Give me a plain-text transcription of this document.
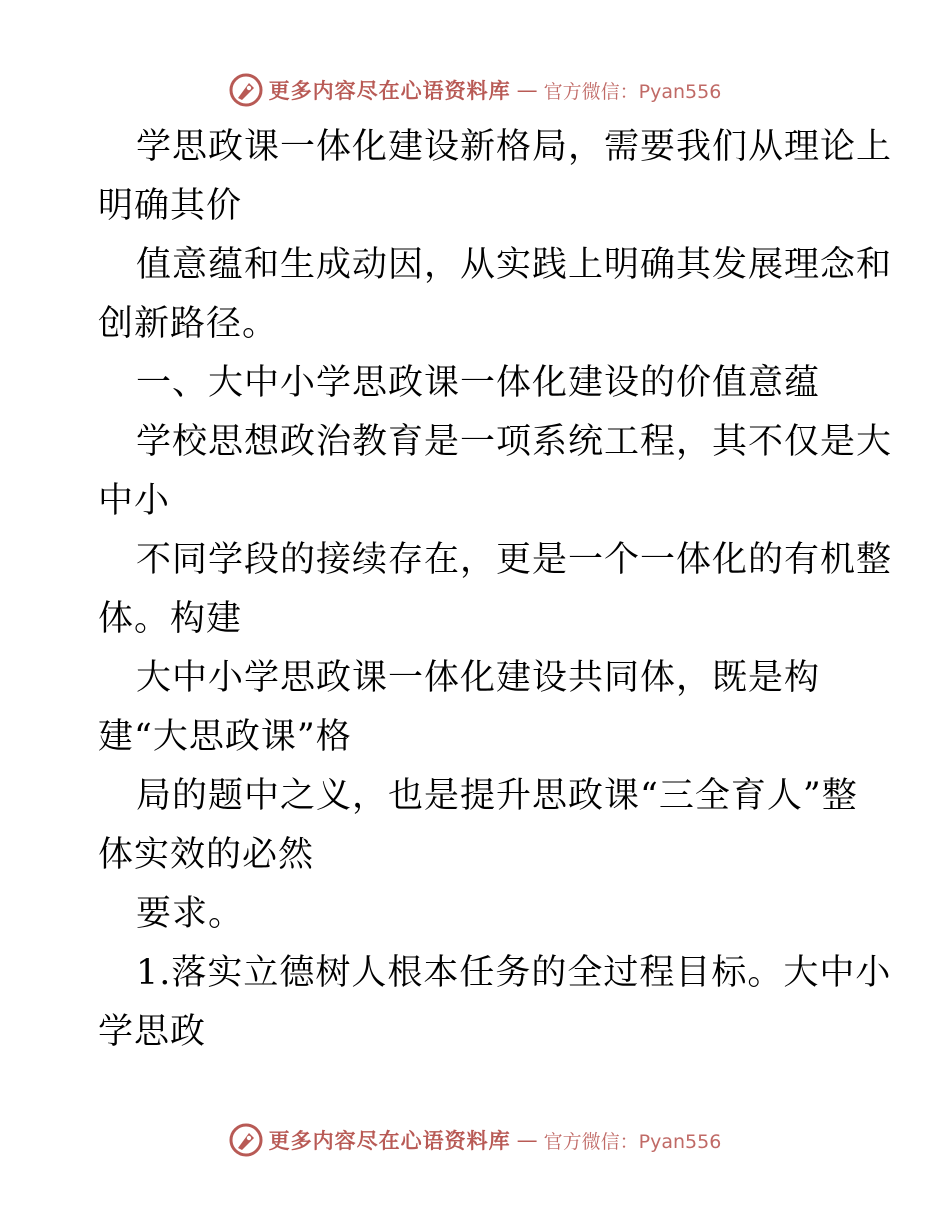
更多内容尽在心语资料库 — 官方微信：Pyan556
学思政课一体化建设新格局，需要我们从理论上
明确其价
值意蕴和生成动因，从实践上明确其发展理念和
创新路径。
一、大中小学思政课一体化建设的价值意蕴
学校思想政治教育是一项系统工程，其不仅是大
中小
不同学段的接续存在，更是一个一体化的有机整
体。构建
大中小学思政课一体化建设共同体，既是构
建“大思政课”格
局的题中之义，也是提升思政课“三全育人”整
体实效的必然
要求。
1.落实立德树人根本任务的全过程目标。大中小
学思政
更多内容尽在心语资料库 — 官方微信：Pyan556
